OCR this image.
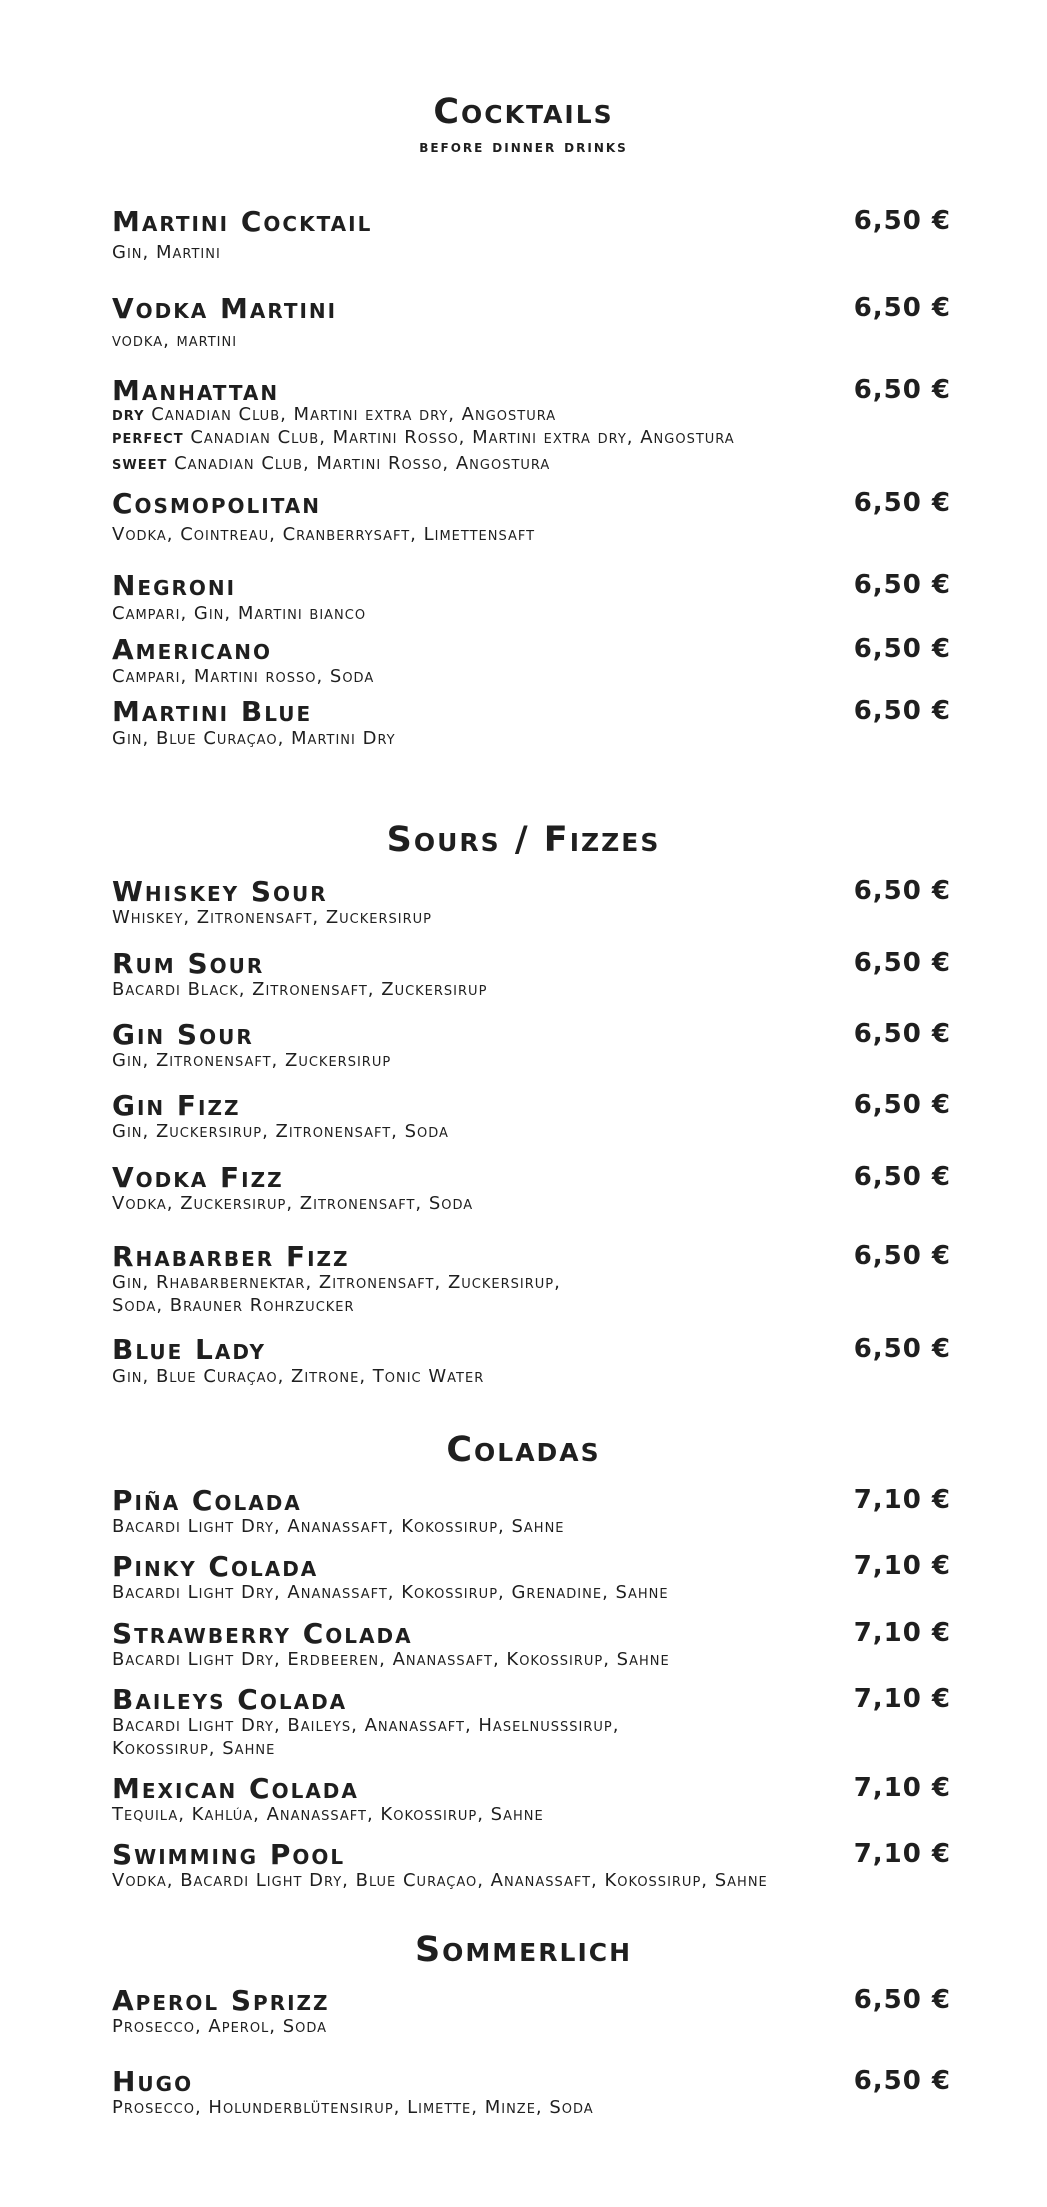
Cocktails
before dinner drinks
Martini Cocktail	6,50 €
Gin, Martini
Vodka Martini	6,50 €
vodka, martini
Manhattan	6,50 €
dry Canadian Club, Martini extra dry, Angostura
perfect Canadian Club, Martini Rosso, Martini extra dry, Angostura
sweet Canadian Club, Martini Rosso, Angostura
Cosmopolitan	6,50 €
Vodka, Cointreau, Cranberrysaft, Limettensaft
Negroni	6,50 €
Campari, Gin, Martini bianco
Americano	6,50 €
Campari, Martini rosso, Soda
Martini Blue	6,50 €
Gin, Blue Curaçao, Martini Dry
Sours / Fizzes
Whiskey Sour	6,50 €
Whiskey, Zitronensaft, Zuckersirup
Rum Sour	6,50 €
Bacardi Black, Zitronensaft, Zuckersirup
Gin Sour	6,50 €
Gin, Zitronensaft, Zuckersirup
Gin Fizz	6,50 €
Gin, Zuckersirup, Zitronensaft, Soda
Vodka Fizz	6,50 €
Vodka, Zuckersirup, Zitronensaft, Soda
Rhabarber Fizz	6,50 €
Gin, Rhabarbernektar, Zitronensaft, Zuckersirup,
Soda, Brauner Rohrzucker
Blue Lady	6,50 €
Gin, Blue Curaçao, Zitrone, Tonic Water
Coladas
Piña Colada	7,10 €
Bacardi Light Dry, Ananassaft, Kokossirup, Sahne
Pinky Colada	7,10 €
Bacardi Light Dry, Ananassaft, Kokossirup, Grenadine, Sahne
Strawberry Colada	7,10 €
Bacardi Light Dry, Erdbeeren, Ananassaft, Kokossirup, Sahne
Baileys Colada	7,10 €
Bacardi Light Dry, Baileys, Ananassaft, Haselnusssirup,
Kokossirup, Sahne
Mexican Colada	7,10 €
Tequila, Kahlúa, Ananassaft, Kokossirup, Sahne
Swimming Pool	7,10 €
Vodka, Bacardi Light Dry, Blue Curaçao, Ananassaft, Kokossirup, Sahne
Sommerlich
Aperol Sprizz	6,50 €
Prosecco, Aperol, Soda
Hugo	6,50 €
Prosecco, Holunderblütensirup, Limette, Minze, Soda
